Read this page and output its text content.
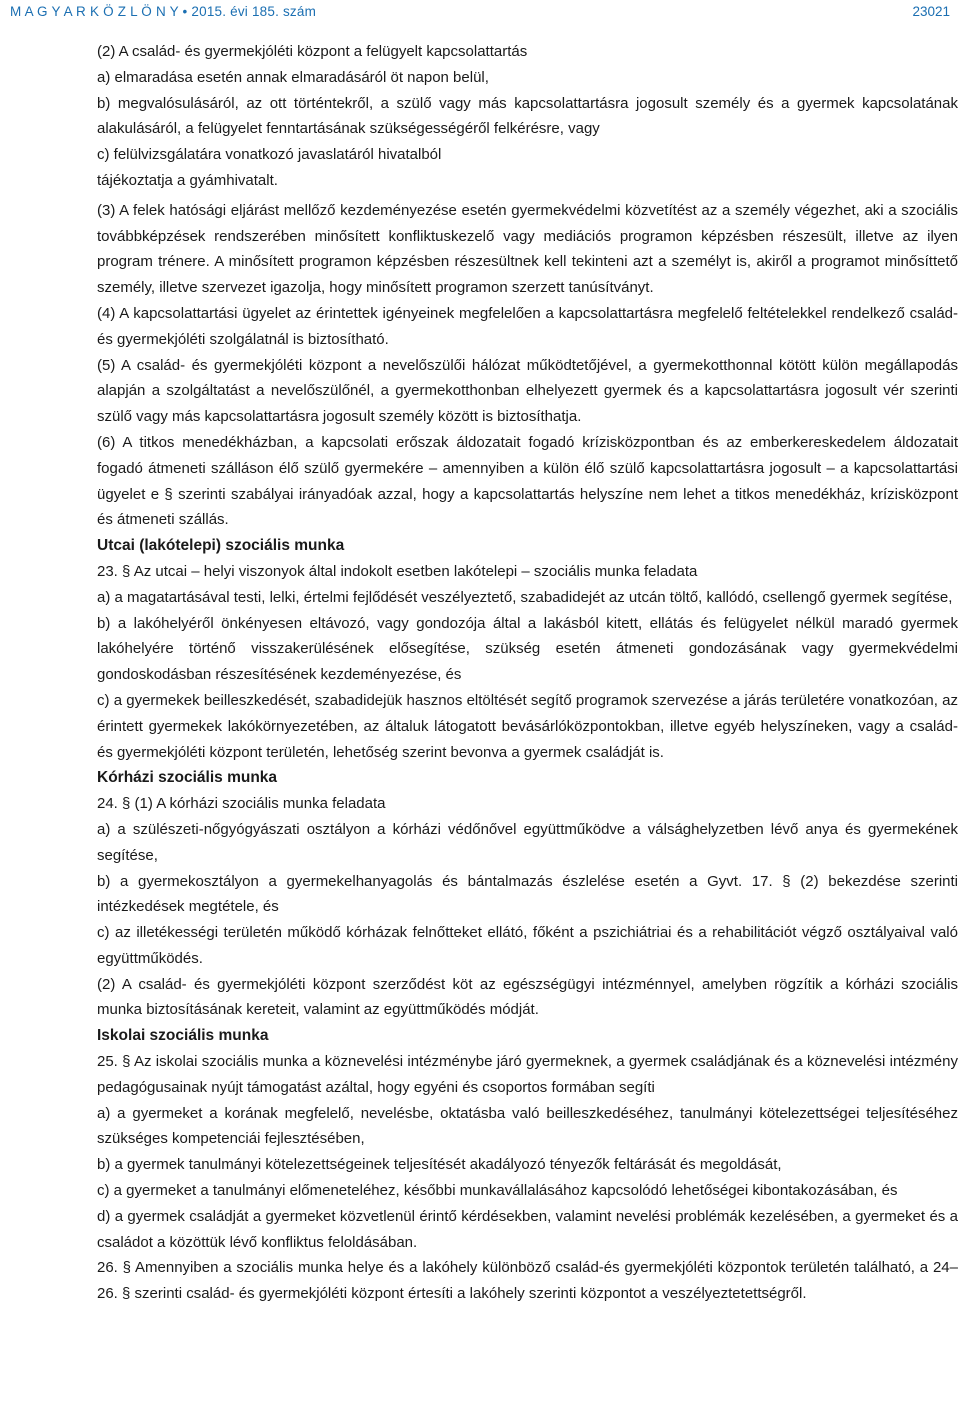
M A G Y A R K Ö Z L Ö N Y • 2015. évi 185. szám	23021

(2) A család- és gyermekjóléti központ a felügyelt kapcsolattartás

a) elmaradása esetén annak elmaradásáról öt napon belül,

b) megvalósulásáról, az ott történtekről, a szülő vagy más kapcsolattartásra jogosult személy és a gyermek kapcsolatának alakulásáról, a felügyelet fenntartásának szükségességéről felkérésre, vagy

c) felülvizsgálatára vonatkozó javaslatáról hivatalból

tájékoztatja a gyámhivatalt.

(3) A felek hatósági eljárást mellőző kezdeményezése esetén gyermekvédelmi közvetítést az a személy végezhet, aki a szociális továbbképzések rendszerében minősített konfliktuskezelő vagy mediációs programon képzésben részesült, illetve az ilyen program trénere. A minősített programon képzésben részesültnek kell tekinteni azt a személyt is, akiről a programot minősíttető személy, illetve szervezet igazolja, hogy minősített programon szerzett tanúsítványt.

(4) A kapcsolattartási ügyelet az érintettek igényeinek megfelelően a kapcsolattartásra megfelelő feltételekkel rendelkező család- és gyermekjóléti szolgálatnál is biztosítható.

(5) A család- és gyermekjóléti központ a nevelőszülői hálózat működtetőjével, a gyermekotthonnal kötött külön megállapodás alapján a szolgáltatást a nevelőszülőnél, a gyermekotthonban elhelyezett gyermek és a kapcsolattartásra jogosult vér szerinti szülő vagy más kapcsolattartásra jogosult személy között is biztosíthatja.

(6) A titkos menedékházban, a kapcsolati erőszak áldozatait fogadó krízisközpontban és az emberkereskedelem áldozatait fogadó átmeneti szálláson élő szülő gyermekére – amennyiben a külön élő szülő kapcsolattartásra jogosult – a kapcsolattartási ügyelet e § szerinti szabályai irányadóak azzal, hogy a kapcsolattartás helyszíne nem lehet a titkos menedékház, krízisközpont és átmeneti szállás.

Utcai (lakótelepi) szociális munka

23. § Az utcai – helyi viszonyok által indokolt esetben lakótelepi – szociális munka feladata

a) a magatartásával testi, lelki, értelmi fejlődését veszélyeztető, szabadidejét az utcán töltő, kallódó, csellengő gyermek segítése,

b) a lakóhelyéről önkényesen eltávozó, vagy gondozója által a lakásból kitett, ellátás és felügyelet nélkül maradó gyermek lakóhelyére történő visszakerülésének elősegítése, szükség esetén átmeneti gondozásának vagy gyermekvédelmi gondoskodásban részesítésének kezdeményezése, és

c) a gyermekek beilleszkedését, szabadidejük hasznos eltöltését segítő programok szervezése a járás területére vonatkozóan, az érintett gyermekek lakókörnyezetében, az általuk látogatott bevásárlóközpontokban, illetve egyéb helyszíneken, vagy a család- és gyermekjóléti központ területén, lehetőség szerint bevonva a gyermek családját is.

Kórházi szociális munka

24. § (1) A kórházi szociális munka feladata

a) a szülészeti-nőgyógyászati osztályon a kórházi védőnővel együttműködve a válsághelyzetben lévő anya és gyermekének segítése,

b) a gyermekosztályon a gyermekelhanyagolás és bántalmazás észlelése esetén a Gyvt. 17. § (2) bekezdése szerinti intézkedések megtétele, és

c) az illetékességi területén működő kórházak felnőtteket ellátó, főként a pszichiátriai és a rehabilitációt végző osztályaival való együttműködés.

(2) A család- és gyermekjóléti központ szerződést köt az egészségügyi intézménnyel, amelyben rögzítik a kórházi szociális munka biztosításának kereteit, valamint az együttműködés módját.

Iskolai szociális munka

25. § Az iskolai szociális munka a köznevelési intézménybe járó gyermeknek, a gyermek családjának és a köznevelési intézmény pedagógusainak nyújt támogatást azáltal, hogy egyéni és csoportos formában segíti

a) a gyermeket a korának megfelelő, nevelésbe, oktatásba való beilleszkedéséhez, tanulmányi kötelezettségei teljesítéséhez szükséges kompetenciái fejlesztésében,

b) a gyermek tanulmányi kötelezettségeinek teljesítését akadályozó tényezők feltárását és megoldását,

c) a gyermeket a tanulmányi előmeneteléhez, későbbi munkavállalásához kapcsolódó lehetőségei kibontakozásában, és

d) a gyermek családját a gyermeket közvetlenül érintő kérdésekben, valamint nevelési problémák kezelésében, a gyermeket és a családot a közöttük lévő konfliktus feloldásában.

26. § Amennyiben a szociális munka helye és a lakóhely különböző család-és gyermekjóléti központok területén található, a 24–26. § szerinti család- és gyermekjóléti központ értesíti a lakóhely szerinti központot a veszélyeztetettségről.
